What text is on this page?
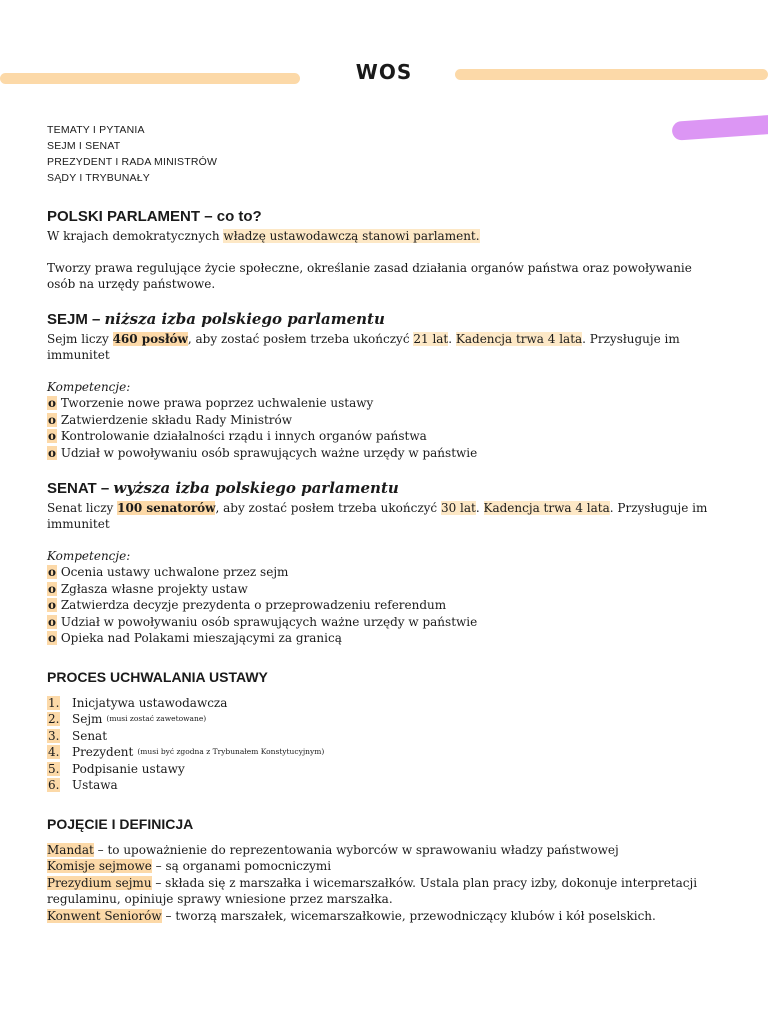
WOS
TEMATY I PYTANIA
SEJM I SENAT
PREZYDENT I RADA MINISTRÓW
SĄDY I TRYBUNAŁY
POLSKI PARLAMENT – co to?

W krajach demokratycznych władzę ustawodawczą stanowi parlament.

Tworzy prawa regulujące życie społeczne, określanie zasad działania organów państwa oraz powoływanie osób na urzędy państwowe.

SEJM – niższa izba polskiego parlamentu

Sejm liczy 460 posłów, aby zostać posłem trzeba ukończyć 21 lat. Kadencja trwa 4 lata. Przysługuje im immunitet

Kompetencje:
o Tworzenie nowe prawa poprzez uchwalenie ustawy
o Zatwierdzenie składu Rady Ministrów
o Kontrolowanie działalności rządu i innych organów państwa
o Udział w powoływaniu osób sprawujących ważne urzędy w państwie
SENAT – wyższa izba polskiego parlamentu

Senat liczy 100 senatorów, aby zostać posłem trzeba ukończyć 30 lat. Kadencja trwa 4 lata. Przysługuje im immunitet

Kompetencje:
o Ocenia ustawy uchwalone przez sejm
o Zgłasza własne projekty ustaw
o Zatwierdza decyzje prezydenta o przeprowadzeniu referendum
o Udział w powoływaniu osób sprawujących ważne urzędy w państwie
o Opieka nad Polakami mieszającymi za granicą
PROCES UCHWALANIA USTAWY
1.	Inicjatywa ustawodawcza
2.	Sejm (musi zostać zawetowane)
3.	Senat
4.	Prezydent (musi być zgodna z Trybunałem Konstytucyjnym)
5.	Podpisanie ustawy
6.	Ustawa
POJĘCIE I DEFINICJA
Mandat – to upoważnienie do reprezentowania wyborców w sprawowaniu władzy państwowej
Komisje sejmowe – są organami pomocniczymi
Prezydium sejmu – składa się z marszałka i wicemarszałków. Ustala plan pracy izby, dokonuje interpretacji regulaminu, opiniuje sprawy wniesione przez marszałka.
Konwent Seniorów – tworzą marszałek, wicemarszałkowie, przewodniczący klubów i kół poselskich.
